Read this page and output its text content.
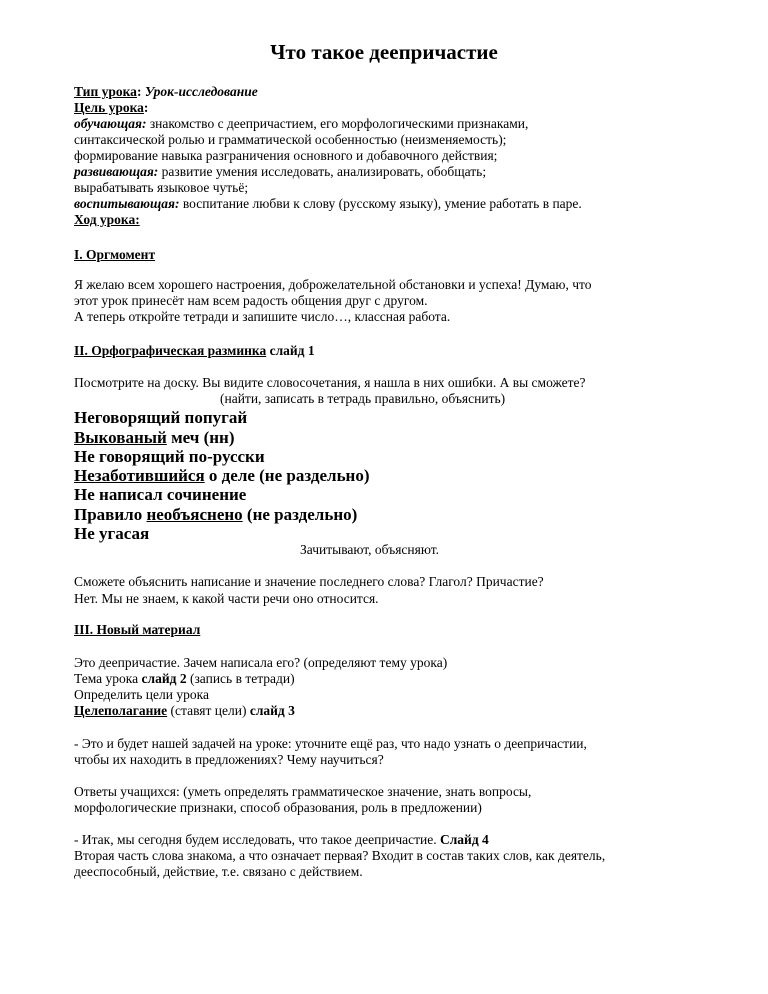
Что такое деепричастие
Тип урока: Урок-исследование
Цель урока:
обучающая: знакомство с деепричастием, его морфологическими признаками,
синтаксической ролью и грамматической особенностью (неизменяемость);
формирование навыка разграничения основного и добавочного действия;
развивающая: развитие умения исследовать, анализировать, обобщать;
вырабатывать языковое чутьё;
воспитывающая: воспитание любви к слову (русскому языку), умение работать в паре.
Ход урока:
I. Оргмомент
Я желаю всем хорошего настроения, доброжелательной обстановки и успеха! Думаю, что
этот урок принесёт нам всем радость общения друг с другом.
А теперь откройте тетради и запишите число…, классная работа.
II. Орфографическая разминка слайд 1
Посмотрите на доску. Вы видите словосочетания, я нашла в них ошибки. А вы сможете?
(найти, записать в тетрадь правильно, объяснить)
Неговорящий попугай
Выкованый меч (нн)
Не говорящий по-русски
Незаботившийся о деле (не раздельно)
Не написал сочинение
Правило необъяснено (не раздельно)
Не угасая
Зачитывают, объясняют.
Сможете объяснить написание и значение последнего слова? Глагол? Причастие?
Нет. Мы не знаем, к какой части речи оно относится.
III. Новый материал
Это деепричастие. Зачем написала его? (определяют тему урока)
Тема урока слайд 2 (запись в тетради)
Определить цели урока
Целеполагание (ставят цели) слайд 3
- Это и будет нашей задачей на уроке: уточните ещё раз, что надо узнать о деепричастии,
чтобы их находить в предложениях? Чему научиться?
Ответы учащихся: (уметь определять грамматическое значение, знать вопросы,
морфологические признаки, способ образования, роль в предложении)
- Итак, мы сегодня будем исследовать, что такое деепричастие. Слайд 4
Вторая часть слова знакома, а что означает первая? Входит в состав таких слов, как деятель,
дееспособный, действие, т.е. связано с действием.
